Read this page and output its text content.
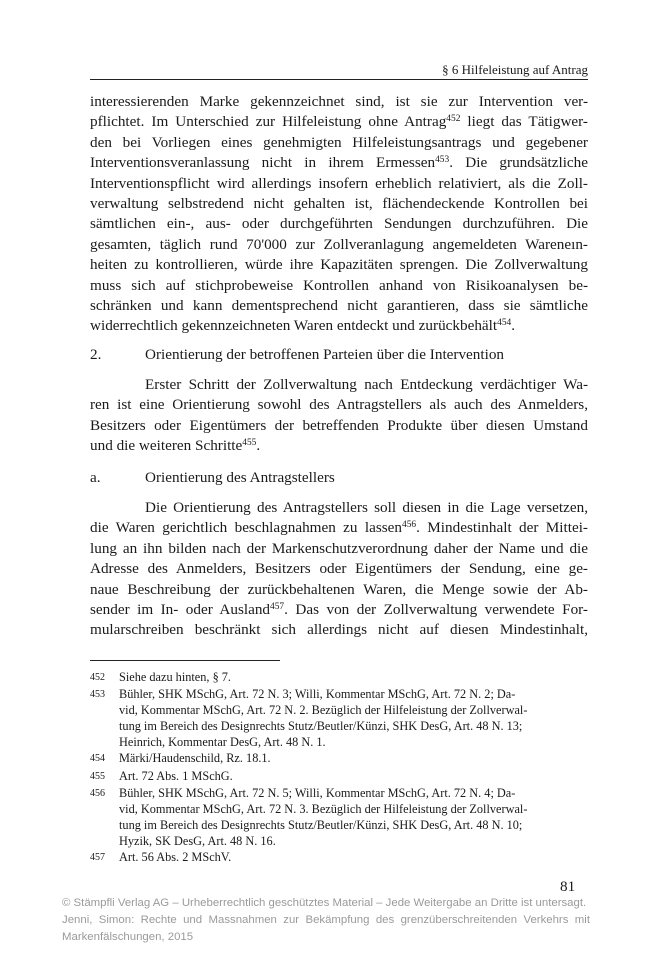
§ 6 Hilfeleistung auf Antrag
interessierenden Marke gekennzeichnet sind, ist sie zur Intervention ver-
pflichtet. Im Unterschied zur Hilfeleistung ohne Antrag$^{452}$ liegt das Tätigwer-
den bei Vorliegen eines genehmigten Hilfeleistungsantrags und gegebener
Interventionsveranlassung nicht in ihrem Ermessen$^{453}$. Die grundsätzliche
Interventionspflicht wird allerdings insofern erheblich relativiert, als die Zoll-
verwaltung selbstredend nicht gehalten ist, flächendeckende Kontrollen bei
sämtlichen ein-, aus- oder durchgeführten Sendungen durchzuführen. Die
gesamten, täglich rund 70'000 zur Zollveranlagung angemeldeten Wareneın-
heiten zu kontrollieren, würde ihre Kapazitäten sprengen. Die Zollverwaltung
muss sich auf stichprobeweise Kontrollen anhand von Risikoanalysen be-
schränken und kann dementsprechend nicht garantieren, dass sie sämtliche
widerrechtlich gekennzeichneten Waren entdeckt und zurückbehält$^{454}$.
2.	Orientierung der betroffenen Parteien über die Intervention
Erster Schritt der Zollverwaltung nach Entdeckung verdächtiger Wa-
ren ist eine Orientierung sowohl des Antragstellers als auch des Anmelders,
Besitzers oder Eigentümers der betreffenden Produkte über diesen Umstand
und die weiteren Schritte$^{455}$.
a.	Orientierung des Antragstellers
Die Orientierung des Antragstellers soll diesen in die Lage versetzen,
die Waren gerichtlich beschlagnahmen zu lassen$^{456}$. Mindestinhalt der Mittei-
lung an ihn bilden nach der Markenschutzverordnung daher der Name und die
Adresse des Anmelders, Besitzers oder Eigentümers der Sendung, eine ge-
naue Beschreibung der zurückbehaltenen Waren, die Menge sowie der Ab-
sender im In- oder Ausland$^{457}$. Das von der Zollverwaltung verwendete For-
mularschreiben beschränkt sich allerdings nicht auf diesen Mindestinhalt,
452	Siehe dazu hinten, § 7.
453	Bühler, SHK MSchG, Art. 72 N. 3; Willi, Kommentar MSchG, Art. 72 N. 2; Da-
vid, Kommentar MSchG, Art. 72 N. 2. Bezüglich der Hilfeleistung der Zollverwal-
tung im Bereich des Designrechts Stutz/Beutler/Künzi, SHK DesG, Art. 48 N. 13;
Heinrich, Kommentar DesG, Art. 48 N. 1.
454	Märki/Haudenschild, Rz. 18.1.
455	Art. 72 Abs. 1 MSchG.
456	Bühler, SHK MSchG, Art. 72 N. 5; Willi, Kommentar MSchG, Art. 72 N. 4; Da-
vid, Kommentar MSchG, Art. 72 N. 3. Bezüglich der Hilfeleistung der Zollverwal-
tung im Bereich des Designrechts Stutz/Beutler/Künzi, SHK DesG, Art. 48 N. 10;
Hyzik, SK DesG, Art. 48 N. 16.
457	Art. 56 Abs. 2 MSchV.
81
© Stämpfli Verlag AG – Urheberrechtlich geschütztes Material – Jede Weitergabe an Dritte ist untersagt.
Jenni, Simon: Rechte und Massnahmen zur Bekämpfung des grenzüberschreitenden Verkehrs mit
Markenfälschungen, 2015
